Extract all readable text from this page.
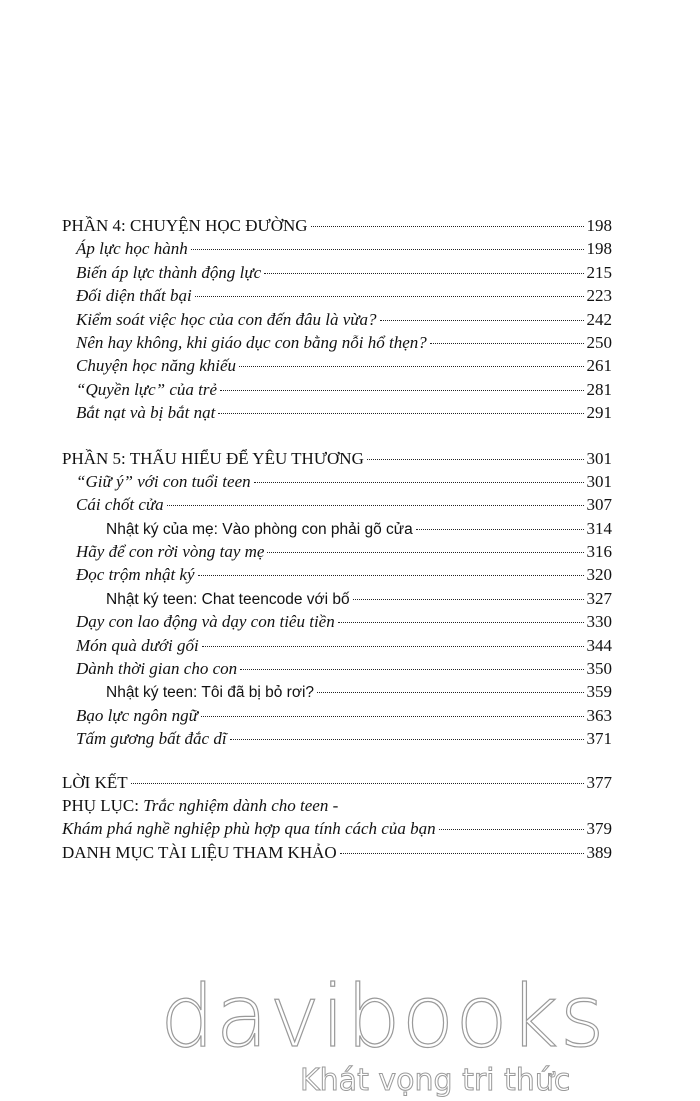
PHẦN 4: CHUYỆN HỌC ĐƯỜNG	198
Áp lực học hành	198
Biến áp lực thành động lực	215
Đối diện thất bại	223
Kiểm soát việc học của con đến đâu là vừa?	242
Nên hay không, khi giáo dục con bằng nỗi hổ thẹn?	250
Chuyện học năng khiếu	261
“Quyền lực” của trẻ	281
Bắt nạt và bị bắt nạt	291
PHẦN 5: THẤU HIỂU ĐỂ YÊU THƯƠNG	301
“Giữ ý” với con tuổi teen	301
Cái chốt cửa	307
Nhật ký của mẹ: Vào phòng con phải gõ cửa	314
Hãy để con rời vòng tay mẹ	316
Đọc trộm nhật ký	320
Nhật ký teen: Chat teencode với bố	327
Dạy con lao động và dạy con tiêu tiền	330
Món quà dưới gối	344
Dành thời gian cho con	350
Nhật ký teen: Tôi đã bị bỏ rơi?	359
Bạo lực ngôn ngữ	363
Tấm gương bất đắc dĩ	371
LỜI KẾT	377
PHỤ LỤC: Trắc nghiệm dành cho teen -
Khám phá nghề nghiệp phù hợp qua tính cách của bạn	379
DANH MỤC TÀI LIỆU THAM KHẢO	389
davibooks
Khát vọng tri thức
